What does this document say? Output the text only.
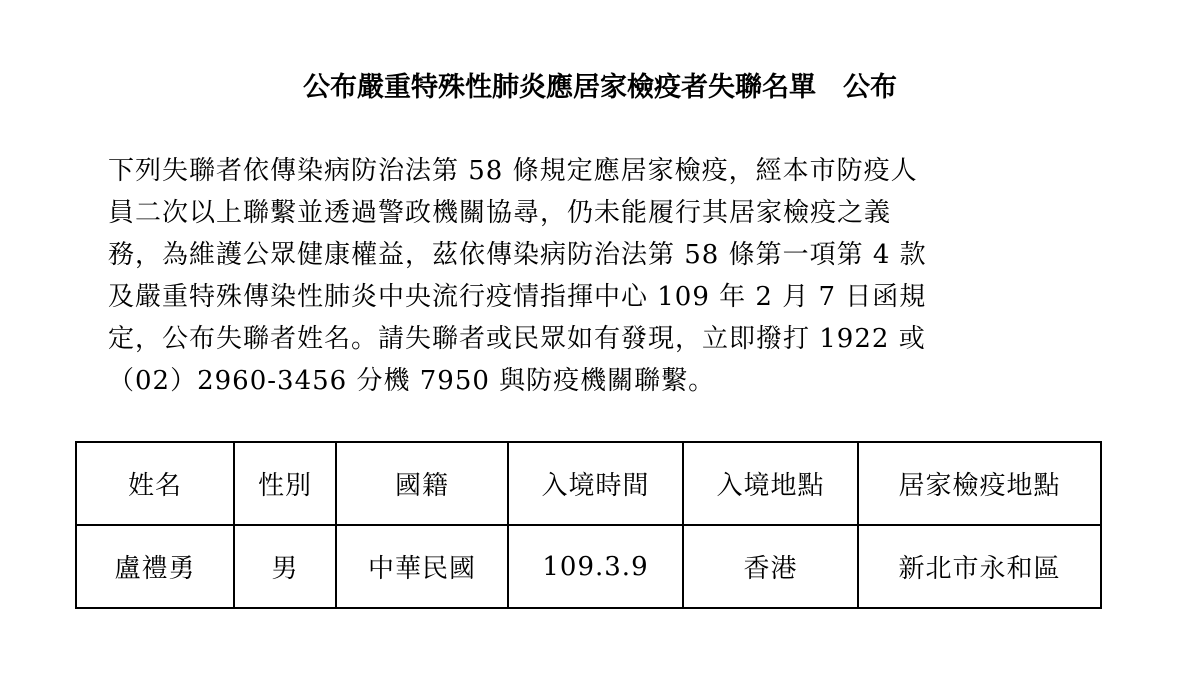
公布嚴重特殊性肺炎應居家檢疫者失聯名單　公布
下列失聯者依傳染病防治法第 58 條規定應居家檢疫，經本市防疫人
員二次以上聯繫並透過警政機關協尋，仍未能履行其居家檢疫之義
務，為維護公眾健康權益，茲依傳染病防治法第 58 條第一項第 4 款
及嚴重特殊傳染性肺炎中央流行疫情指揮中心 109 年 2 月 7 日函規
定，公布失聯者姓名。請失聯者或民眾如有發現，立即撥打 1922 或
（02）2960-3456 分機 7950 與防疫機關聯繫。
姓名	性別	國籍	入境時間	入境地點	居家檢疫地點
盧禮勇	男	中華民國	109.3.9	香港	新北市永和區
